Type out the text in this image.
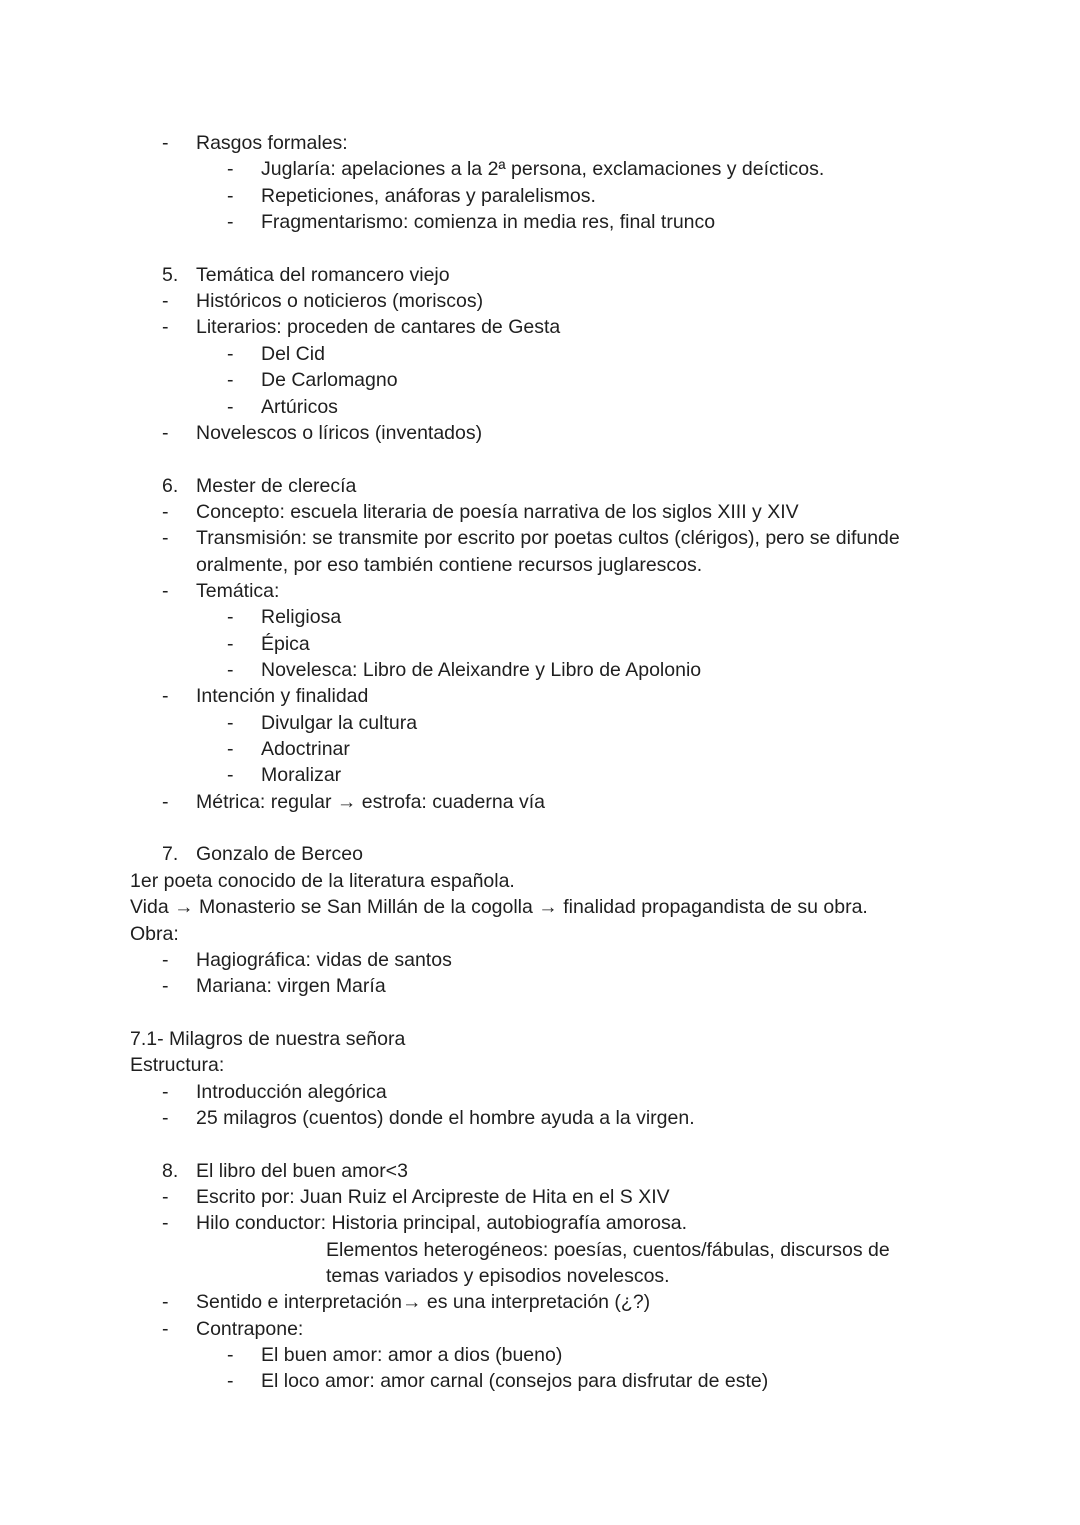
- Rasgos formales:
- Juglaría: apelaciones a la 2ª persona, exclamaciones y deícticos.
- Repeticiones, anáforas y paralelismos.
- Fragmentarismo: comienza in media res, final trunco
5. Temática del romancero viejo
- Históricos o noticieros (moriscos)
- Literarios: proceden de cantares de Gesta
- Del Cid
- De Carlomagno
- Artúricos
- Novelescos o líricos (inventados)
6. Mester de clerecía
- Concepto: escuela literaria de poesía narrativa de los siglos XIII y XIV
- Transmisión: se transmite por escrito por poetas cultos (clérigos), pero se difunde
oralmente, por eso también contiene recursos juglarescos.
- Temática:
- Religiosa
- Épica
- Novelesca: Libro de Aleixandre y Libro de Apolonio
- Intención y finalidad
- Divulgar la cultura
- Adoctrinar
- Moralizar
- Métrica: regular → estrofa: cuaderna vía
7. Gonzalo de Berceo
1er poeta conocido de la literatura española.
Vida → Monasterio se San Millán de la cogolla → finalidad propagandista de su obra.
Obra:
- Hagiográfica: vidas de santos
- Mariana: virgen María
7.1- Milagros de nuestra señora
Estructura:
- Introducción alegórica
- 25 milagros (cuentos) donde el hombre ayuda a la virgen.
8. El libro del buen amor<3
- Escrito por: Juan Ruiz el Arcipreste de Hita en el S XIV
- Hilo conductor: Historia principal, autobiografía amorosa.
Elementos heterogéneos: poesías, cuentos/fábulas, discursos de
temas variados y episodios novelescos.
- Sentido e interpretación→ es una interpretación (¿?)
- Contrapone:
- El buen amor: amor a dios (bueno)
- El loco amor: amor carnal (consejos para disfrutar de este)
